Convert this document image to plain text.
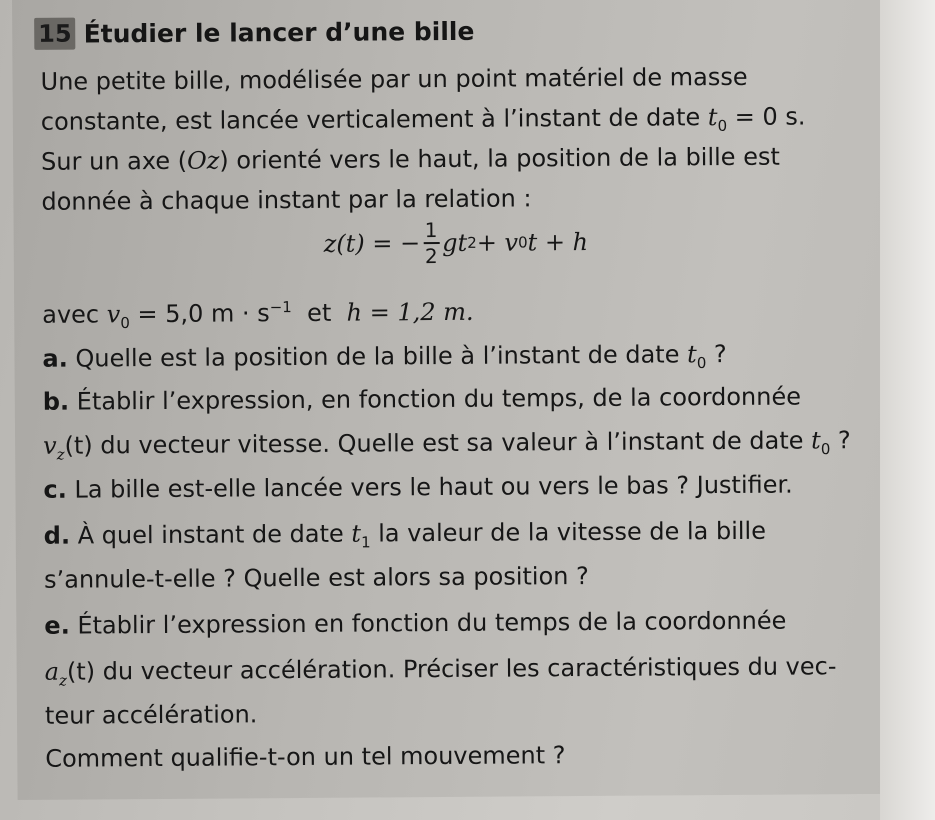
15 Étudier le lancer d’une bille
Une petite bille, modélisée par un point matériel de masse
constante, est lancée verticalement à l’instant de date $t_0 = 0$ s.
Sur un axe (Oz) orienté vers le haut, la position de la bille est
donnée à chaque instant par la relation :
z(t) = − $\frac{1}{2}$ gt 2 + v 0 t + h
avec $v_0 = 5,0$ $m \cdot s^{-1}$  et  h = 1,2 m.
a. Quelle est la position de la bille à l’instant de date $t_0$ ?
b. Établir l’expression, en fonction du temps, de la coordonnée
$v_z(t)$ du vecteur vitesse. Quelle est sa valeur à l’instant de date $t_0$ ?
c. La bille est-elle lancée vers le haut ou vers le bas ? Justifier.
d. À quel instant de date $t_1$ la valeur de la vitesse de la bille
s’annule-t-elle ? Quelle est alors sa position ?
e. Établir l’expression en fonction du temps de la coordonnée
$a_z(t)$ du vecteur accélération. Préciser les caractéristiques du vec-
teur accélération.
Comment qualifie-t-on un tel mouvement ?
